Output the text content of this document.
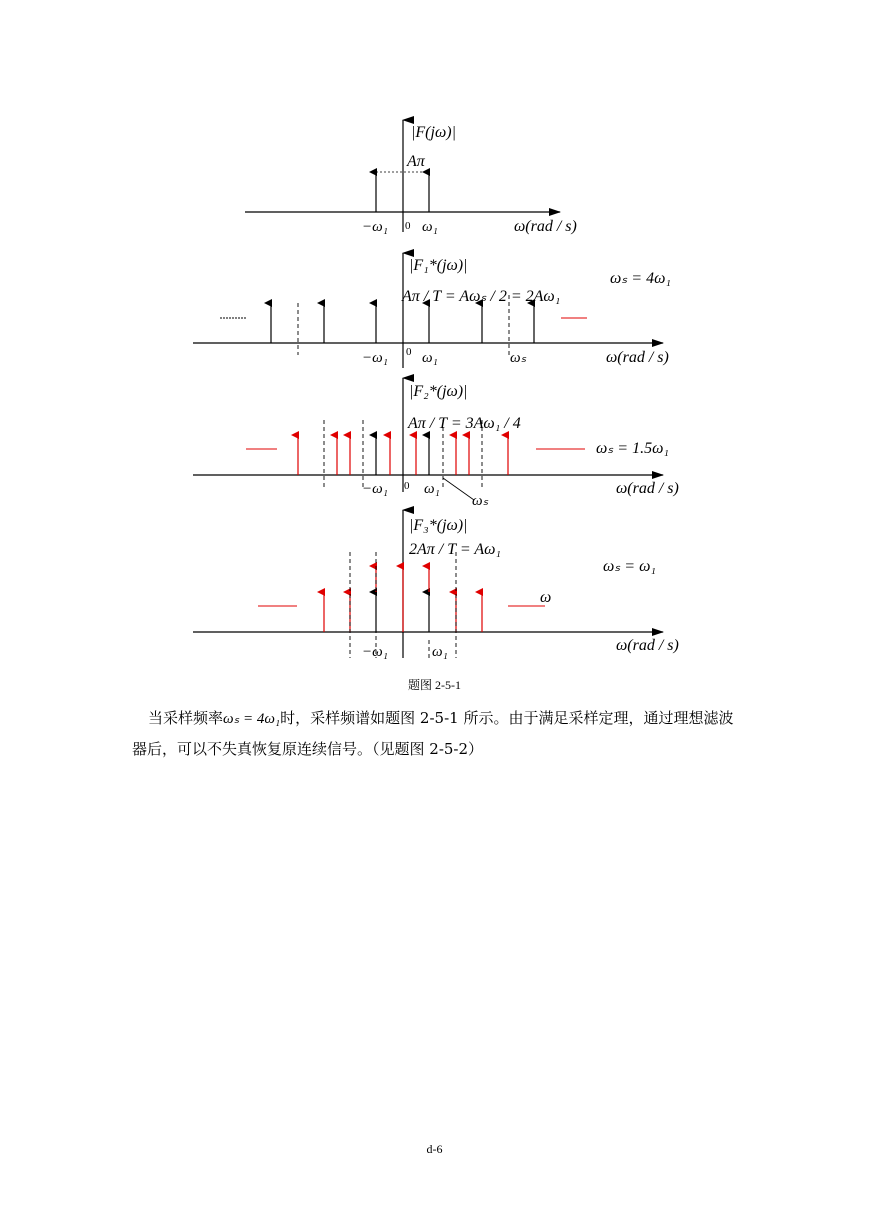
|F(jω)|
Aπ
−ω₁ 0 ω₁	ω(rad / s)
|F₁*(jω)|
Aπ / T = Aωₛ / 2 = 2Aω₁
ωₛ = 4ω₁
−ω₁ 0 ω₁	ωₛ	ω(rad / s)
|F₂*(jω)|
Aπ / T = 3Aω₁ / 4
ωₛ = 1.5ω₁
−ω₁ 0 ω₁
ωₛ
ω(rad / s)
|F₃*(jω)|
2Aπ / T = Aω₁
ωₛ = ω₁
ω
−ω₁	ω₁	ω(rad / s)
题图 2-5-1
当采样频率ωₛ = 4ω₁时，采样频谱如题图 2-5-1 所示。由于满足采样定理，通过理想滤波
器后，可以不失真恢复原连续信号。（见题图 2-5-2）
d-6
